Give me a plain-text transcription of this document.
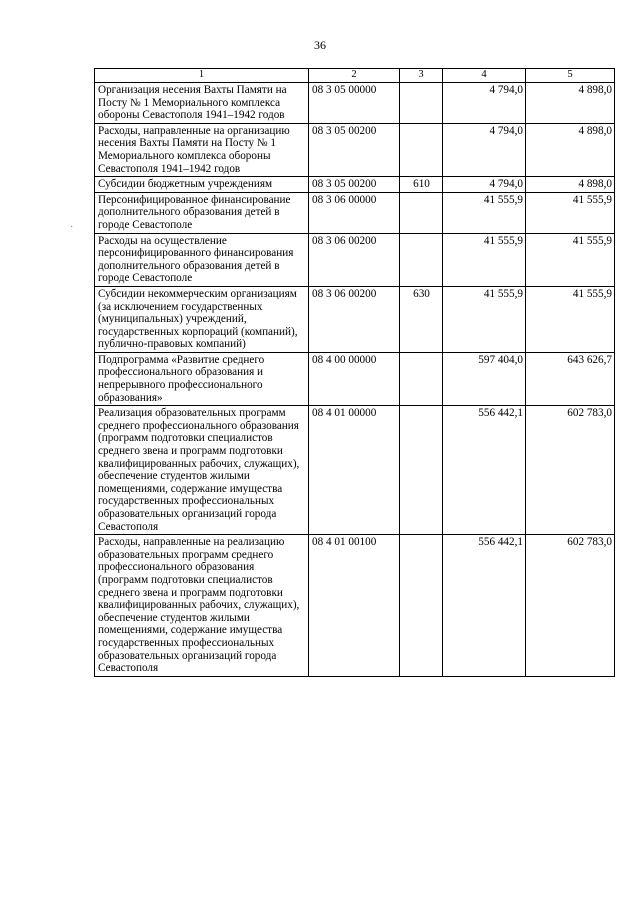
36
·
1	2	3	4	5
Организация несения Вахты Памяти на Посту № 1 Мемориального комплекса обороны Севастополя 1941–1942 годов	08 3 05 00000		4 794,0	4 898,0
Расходы, направленные на организацию несения Вахты Памяти на Посту № 1 Мемориального комплекса обороны Севастополя 1941–1942 годов	08 3 05 00200		4 794,0	4 898,0
Субсидии бюджетным учреждениям	08 3 05 00200	610	4 794,0	4 898,0
Персонифицированное финансирование дополнительного образования детей в городе Севастополе	08 3 06 00000		41 555,9	41 555,9
Расходы на осуществление персонифицированного финансирования дополнительного образования детей в городе Севастополе	08 3 06 00200		41 555,9	41 555,9
Субсидии некоммерческим организациям (за исключением государственных (муниципальных) учреждений, государственных корпораций (компаний), публично-правовых компаний)	08 3 06 00200	630	41 555,9	41 555,9
Подпрограмма «Развитие среднего профессионального образования и непрерывного профессионального образования»	08 4 00 00000		597 404,0	643 626,7
Реализация образовательных программ среднего профессионального образования (программ подготовки специалистов среднего звена и программ подготовки квалифицированных рабочих, служащих), обеспечение студентов жилыми помещениями, содержание имущества государственных профессиональных образовательных организаций города Севастополя	08 4 01 00000		556 442,1	602 783,0
Расходы, направленные на реализацию образовательных программ среднего профессионального образования (программ подготовки специалистов среднего звена и программ подготовки квалифицированных рабочих, служащих), обеспечение студентов жилыми помещениями, содержание имущества государственных профессиональных образовательных организаций города Севастополя	08 4 01 00100		556 442,1	602 783,0
